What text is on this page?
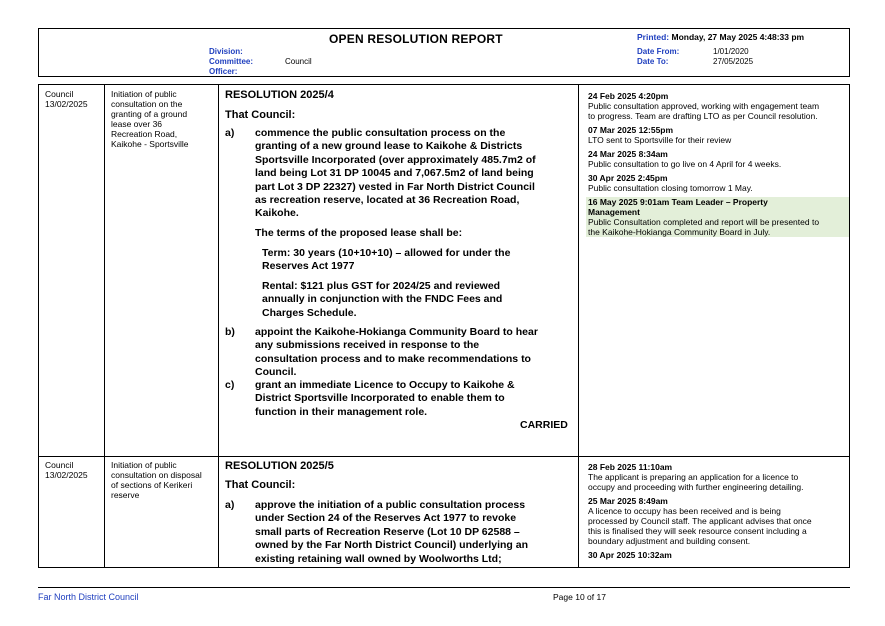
OPEN RESOLUTION REPORT
Division:
Committee:
Officer:
Council
Printed: Monday, 27 May 2025 4:48:33 pm
Date From:
Date To:
1/01/2020
27/05/2025
Council
13/02/2025
Initiation of public
consultation on the
granting of a ground
lease over 36
Recreation Road,
Kaikohe - Sportsville
RESOLUTION 2025/4
That Council:
a) commence the public consultation process on the
granting of a new ground lease to Kaikohe & Districts
Sportsville Incorporated (over approximately 485.7m2 of
land being Lot 31 DP 10045 and 7,067.5m2 of land being
part Lot 3 DP 22327) vested in Far North District Council
as recreation reserve, located at 36 Recreation Road,
Kaikohe.
The terms of the proposed lease shall be:
Term: 30 years (10+10+10) – allowed for under the
Reserves Act 1977
Rental: $121 plus GST for 2024/25 and reviewed
annually in conjunction with the FNDC Fees and
Charges Schedule.
b) appoint the Kaikohe-Hokianga Community Board to hear
any submissions received in response to the
consultation process and to make recommendations to
Council.
c) grant an immediate Licence to Occupy to Kaikohe &
District Sportsville Incorporated to enable them to
function in their management role.
CARRIED
24 Feb 2025 4:20pm
Public consultation approved, working with engagement team
to progress. Team are drafting LTO as per Council resolution.
07 Mar 2025 12:55pm
LTO sent to Sportsville for their review
24 Mar 2025 8:34am
Public consultation to go live on 4 April for 4 weeks.
30 Apr 2025 2:45pm
Public consultation closing tomorrow 1 May.
16 May 2025 9:01am Team Leader – Property
Management
Public Consultation completed and report will be presented to
the Kaikohe-Hokianga Community Board in July.
Council
13/02/2025
Initiation of public
consultation on disposal
of sections of Kerikeri
reserve
RESOLUTION 2025/5
That Council:
a) approve the initiation of a public consultation process
under Section 24 of the Reserves Act 1977 to revoke
small parts of Recreation Reserve (Lot 10 DP 62588 –
owned by the Far North District Council) underlying an
existing retaining wall owned by Woolworths Ltd;
28 Feb 2025 11:10am
The applicant is preparing an application for a licence to
occupy and proceeding with further engineering detailing.
25 Mar 2025 8:49am
A licence to occupy has been received and is being
processed by Council staff. The applicant advises that once
this is finalised they will seek resource consent including a
boundary adjustment and building consent.
30 Apr 2025 10:32am
Far North District Council	Page 10 of 17
